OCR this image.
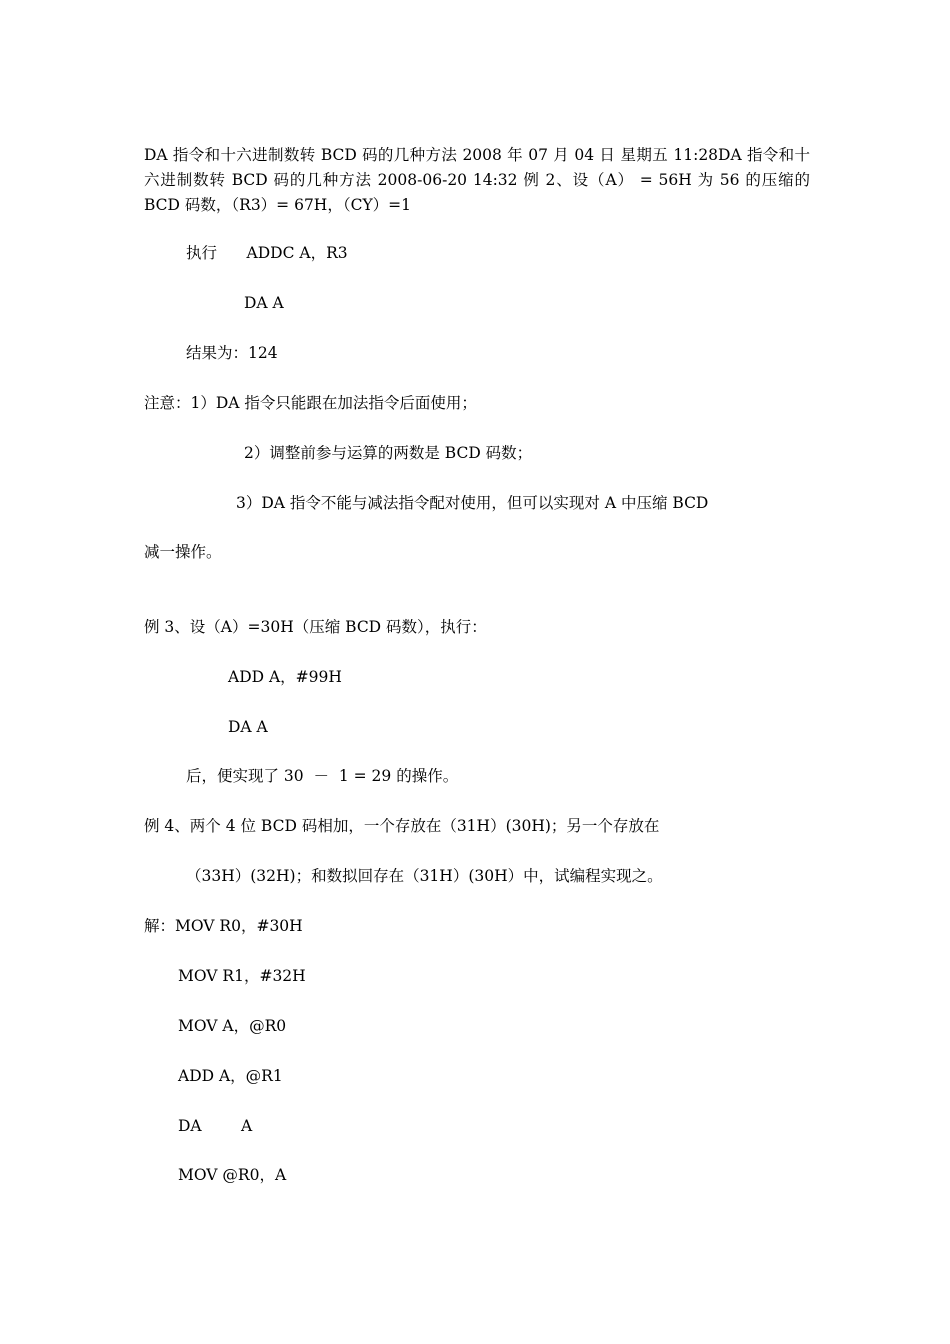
DA 指令和十六进制数转 BCD 码的几种方法 2008 年 07 月 04 日 星期五 11:28DA 指令和十六进制数转 BCD 码的几种方法 2008-06-20 14:32 例 2、设（A） = 56H 为 56 的压缩的 BCD 码数，（R3）= 67H，（CY）=1
执行      ADDC A，R3
DA A
结果为：124
注意：1）DA 指令只能跟在加法指令后面使用；
2）调整前参与运算的两数是 BCD 码数；
3）DA 指令不能与减法指令配对使用，但可以实现对 A 中压缩 BCD
减一操作。
例 3、设（A）=30H（压缩 BCD 码数），执行：
ADD A，#99H
DA A
后，便实现了 30  －  1 = 29 的操作。
例 4、两个 4 位 BCD 码相加，一个存放在（31H）(30H)；另一个存放在
（33H）(32H)；和数拟回存在（31H）(30H）中，试编程实现之。
解：MOV R0，#30H
MOV R1，#32H
MOV A，@R0
ADD A，@R1
DA        A
MOV @R0，A
